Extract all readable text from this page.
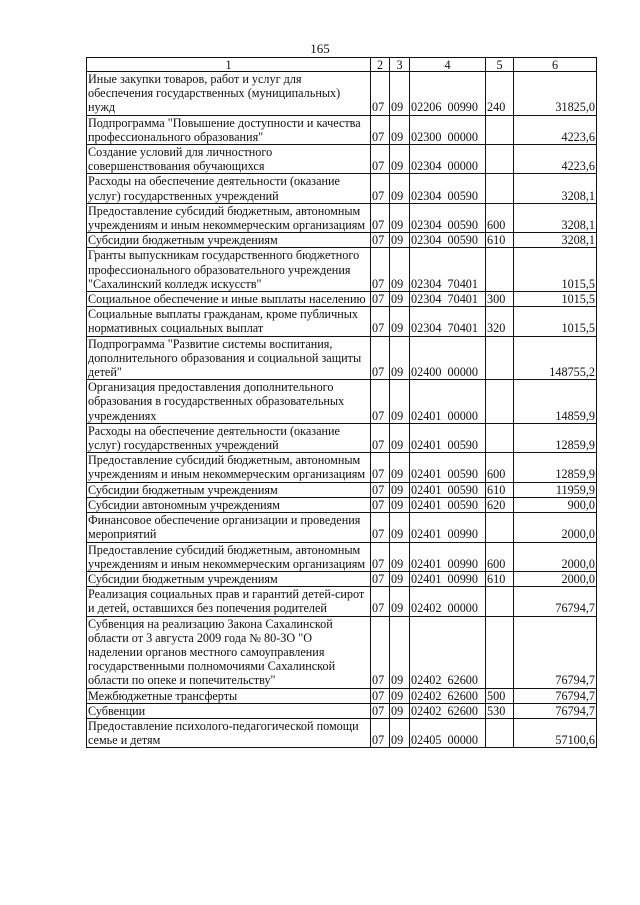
165
1	2	3	4	5	6
Иные закупки товаров, работ и услуг для обеспечения государственных (муниципальных) нужд	07	09	02206 00990	240	31825,0
Подпрограмма "Повышение доступности и качества профессионального образования"	07	09	02300 00000		4223,6
Создание условий для личностного совершенствования обучающихся	07	09	02304 00000		4223,6
Расходы на обеспечение деятельности (оказание услуг) государственных учреждений	07	09	02304 00590		3208,1
Предоставление субсидий бюджетным, автономным учреждениям и иным некоммерческим организациям	07	09	02304 00590	600	3208,1
Субсидии бюджетным учреждениям	07	09	02304 00590	610	3208,1
Гранты выпускникам государственного бюджетного профессионального образовательного учреждения "Сахалинский колледж искусств"	07	09	02304 70401		1015,5
Социальное обеспечение и иные выплаты населению	07	09	02304 70401	300	1015,5
Социальные выплаты гражданам, кроме публичных нормативных социальных выплат	07	09	02304 70401	320	1015,5
Подпрограмма "Развитие системы воспитания, дополнительного образования и социальной защиты детей"	07	09	02400 00000		148755,2
Организация предоставления дополнительного образования в государственных образовательных учреждениях	07	09	02401 00000		14859,9
Расходы на обеспечение деятельности (оказание услуг) государственных учреждений	07	09	02401 00590		12859,9
Предоставление субсидий бюджетным, автономным учреждениям и иным некоммерческим организациям	07	09	02401 00590	600	12859,9
Субсидии бюджетным учреждениям	07	09	02401 00590	610	11959,9
Субсидии автономным учреждениям	07	09	02401 00590	620	900,0
Финансовое обеспечение организации и проведения мероприятий	07	09	02401 00990		2000,0
Предоставление субсидий бюджетным, автономным учреждениям и иным некоммерческим организациям	07	09	02401 00990	600	2000,0
Субсидии бюджетным учреждениям	07	09	02401 00990	610	2000,0
Реализация социальных прав и гарантий детей-сирот и детей, оставшихся без попечения родителей	07	09	02402 00000		76794,7
Субвенция на реализацию Закона Сахалинской области от 3 августа 2009 года № 80-ЗО "О наделении органов местного самоуправления государственными полномочиями Сахалинской области по опеке и попечительству"	07	09	02402 62600		76794,7
Межбюджетные трансферты	07	09	02402 62600	500	76794,7
Субвенции	07	09	02402 62600	530	76794,7
Предоставление психолого-педагогической помощи семье и детям	07	09	02405 00000		57100,6
